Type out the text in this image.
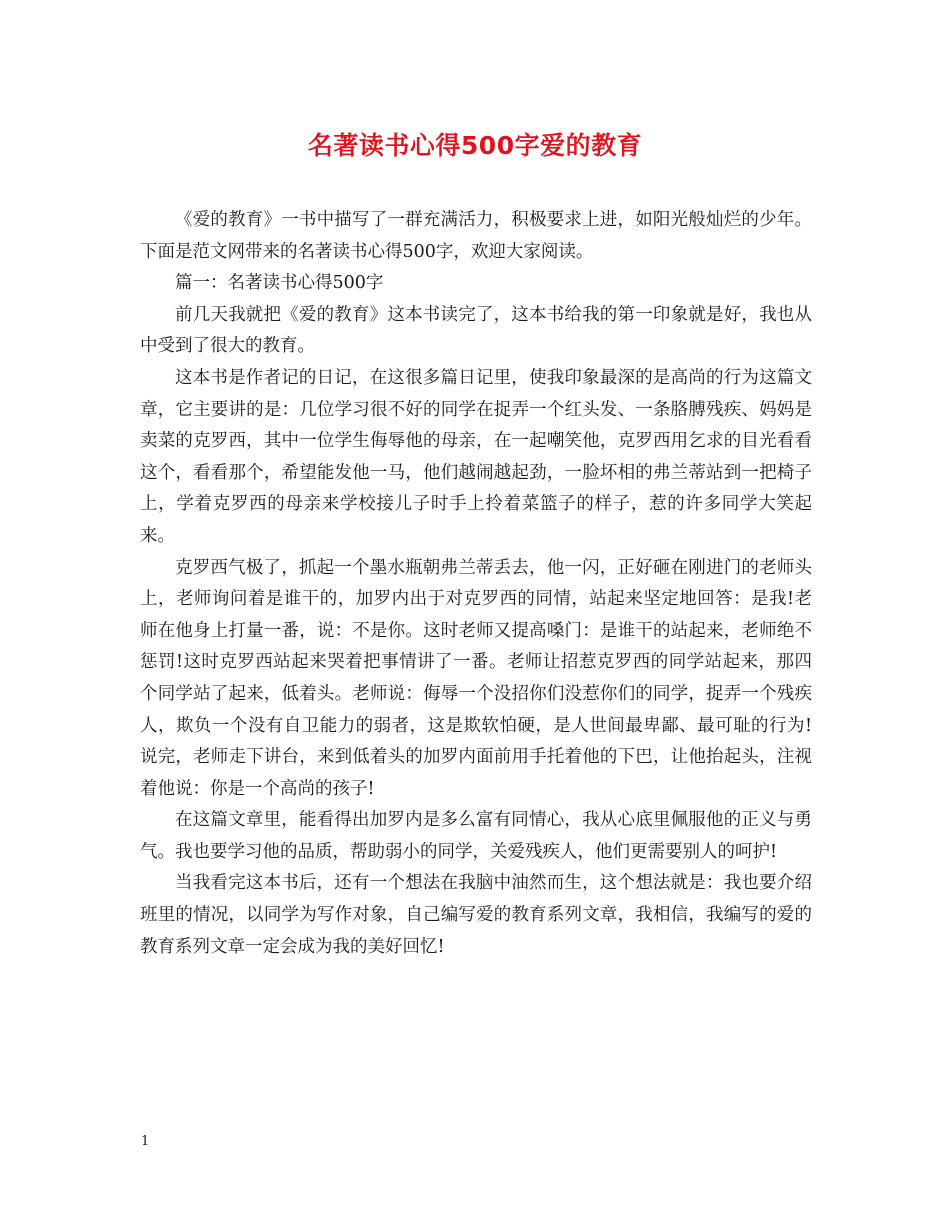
名著读书心得500字爱的教育

《爱的教育》一书中描写了一群充满活力，积极要求上进，如阳光般灿烂的少年。下面是范文网带来的名著读书心得500字，欢迎大家阅读。

篇一：名著读书心得500字

前几天我就把《爱的教育》这本书读完了，这本书给我的第一印象就是好，我也从中受到了很大的教育。

这本书是作者记的日记，在这很多篇日记里，使我印象最深的是高尚的行为这篇文章，它主要讲的是：几位学习很不好的同学在捉弄一个红头发、一条胳膊残疾、妈妈是卖菜的克罗西，其中一位学生侮辱他的母亲，在一起嘲笑他，克罗西用乞求的目光看看这个，看看那个，希望能发他一马，他们越闹越起劲，一脸坏相的弗兰蒂站到一把椅子上，学着克罗西的母亲来学校接儿子时手上拎着菜篮子的样子，惹的许多同学大笑起来。

克罗西气极了，抓起一个墨水瓶朝弗兰蒂丢去，他一闪，正好砸在刚进门的老师头上，老师询问着是谁干的，加罗内出于对克罗西的同情，站起来坚定地回答：是我!老师在他身上打量一番，说：不是你。这时老师又提高嗓门：是谁干的站起来，老师绝不惩罚!这时克罗西站起来哭着把事情讲了一番。老师让招惹克罗西的同学站起来，那四个同学站了起来，低着头。老师说：侮辱一个没招你们没惹你们的同学，捉弄一个残疾人，欺负一个没有自卫能力的弱者，这是欺软怕硬，是人世间最卑鄙、最可耻的行为!说完，老师走下讲台，来到低着头的加罗内面前用手托着他的下巴，让他抬起头，注视着他说：你是一个高尚的孩子!

在这篇文章里，能看得出加罗内是多么富有同情心，我从心底里佩服他的正义与勇气。我也要学习他的品质，帮助弱小的同学，关爱残疾人，他们更需要别人的呵护!

当我看完这本书后，还有一个想法在我脑中油然而生，这个想法就是：我也要介绍班里的情况，以同学为写作对象，自己编写爱的教育系列文章，我相信，我编写的爱的教育系列文章一定会成为我的美好回忆!

1
